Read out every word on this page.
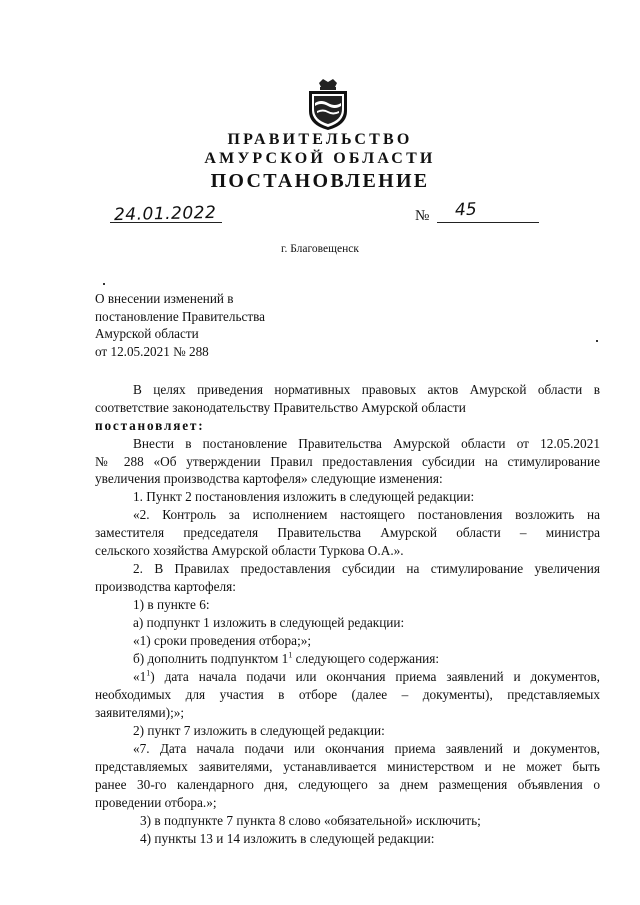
ПРАВИТЕЛЬСТВО
АМУРСКОЙ ОБЛАСТИ
ПОСТАНОВЛЕНИЕ
24.01.2022	№ 45
г. Благовещенск
О внесении изменений в
постановление Правительства
Амурской области
от 12.05.2021 № 288
В целях приведения нормативных правовых актов Амурской области в
соответствие законодательству Правительство Амурской области
постановляет:
Внести в постановление Правительства Амурской области от 12.05.2021
№ 288 «Об утверждении Правил предоставления субсидии на стимулирование
увеличения производства картофеля» следующие изменения:
1. Пункт 2 постановления изложить в следующей редакции:
«2. Контроль за исполнением настоящего постановления возложить на
заместителя председателя Правительства Амурской области – министра
сельского хозяйства Амурской области Туркова О.А.».
2. В Правилах предоставления субсидии на стимулирование увеличения
производства картофеля:
1) в пункте 6:
а) подпункт 1 изложить в следующей редакции:
«1) сроки проведения отбора;»;
б) дополнить подпунктом $1^1$ следующего содержания:
«$1^1$) дата начала подачи или окончания приема заявлений и документов,
необходимых для участия в отборе (далее – документы), представляемых
заявителями);»;
2) пункт 7 изложить в следующей редакции:
«7. Дата начала подачи или окончания приема заявлений и документов,
представляемых заявителями, устанавливается министерством и не может быть
ранее 30-го календарного дня, следующего за днем размещения объявления о
проведении отбора.»;
3) в подпункте 7 пункта 8 слово «обязательной» исключить;
4) пункты 13 и 14 изложить в следующей редакции:
